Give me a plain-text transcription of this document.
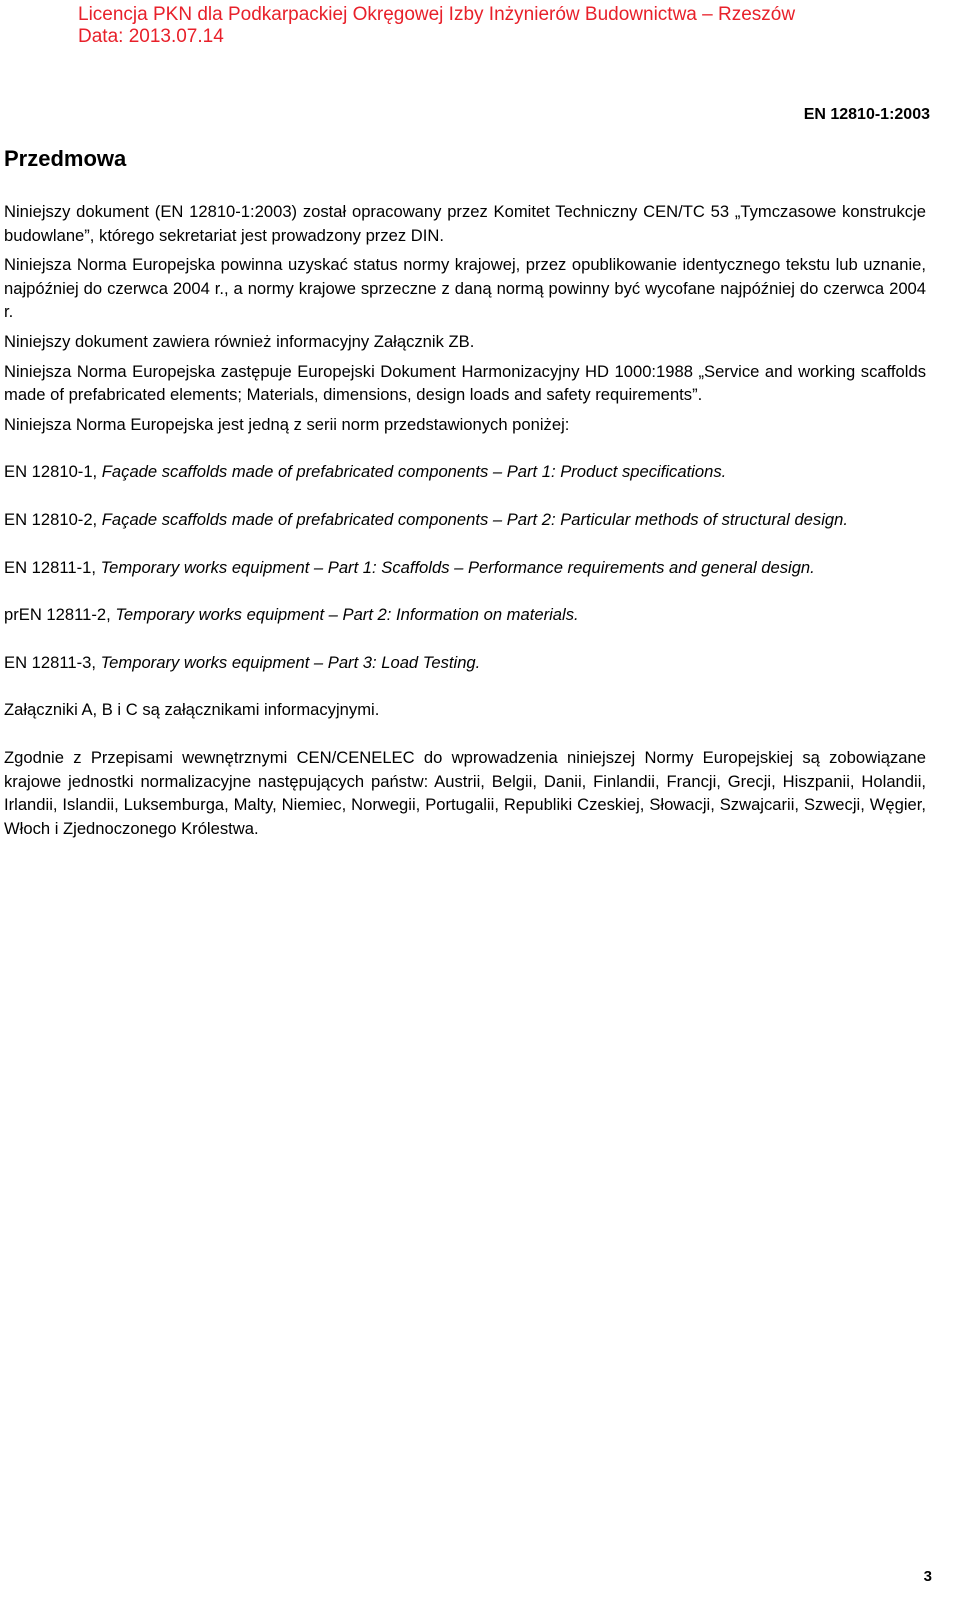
Licencja PKN dla Podkarpackiej Okręgowej Izby Inżynierów Budownictwa – Rzeszów
Data: 2013.07.14
EN 12810-1:2003
Przedmowa

Niniejszy dokument (EN 12810-1:2003) został opracowany przez Komitet Techniczny CEN/TC 53 „Tymczasowe konstrukcje budowlane”, którego sekretariat jest prowadzony przez DIN.

Niniejsza Norma Europejska powinna uzyskać status normy krajowej, przez opublikowanie identycznego tekstu lub uznanie, najpóźniej do czerwca 2004 r., a normy krajowe sprzeczne z daną normą powinny być wycofane najpóźniej do czerwca 2004 r.

Niniejszy dokument zawiera również informacyjny Załącznik ZB.

Niniejsza Norma Europejska zastępuje Europejski Dokument Harmonizacyjny HD 1000:1988 „Service and working scaffolds made of prefabricated elements; Materials, dimensions, design loads and safety requirements”.

Niniejsza Norma Europejska jest jedną z serii norm przedstawionych poniżej:

EN 12810-1, Façade scaffolds made of prefabricated components – Part 1: Product specifications.

EN 12810-2, Façade scaffolds made of prefabricated components – Part 2: Particular methods of structural design.

EN 12811-1, Temporary works equipment – Part 1: Scaffolds – Performance requirements and general design.

prEN 12811-2, Temporary works equipment – Part 2: Information on materials.

EN 12811-3, Temporary works equipment – Part 3: Load Testing.

Załączniki A, B i C są załącznikami informacyjnymi.

Zgodnie z Przepisami wewnętrznymi CEN/CENELEC do wprowadzenia niniejszej Normy Europejskiej są zobowiązane krajowe jednostki normalizacyjne następujących państw: Austrii, Belgii, Danii, Finlandii, Francji, Grecji, Hiszpanii, Holandii, Irlandii, Islandii, Luksemburga, Malty, Niemiec, Norwegii, Portugalii, Republiki Czeskiej, Słowacji, Szwajcarii, Szwecji, Węgier, Włoch i Zjednoczonego Królestwa.

3
